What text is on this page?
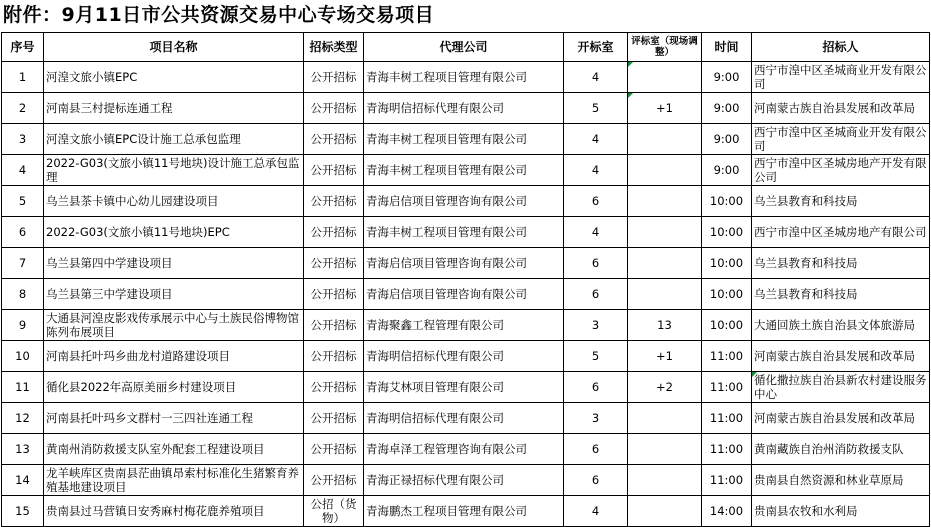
附件：9月11日市公共资源交易中心专场交易项目
序号	项目名称	招标类型	代理公司	开标室	评标室（现场调整）	时间	招标人
1	河湟文旅小镇EPC	公开招标	青海丰树工程项目管理有限公司	4		9:00	西宁市湟中区圣城商业开发有限公司
2	河南县三村提标连通工程	公开招标	青海明信招标代理有限公司	5	+1	9:00	河南蒙古族自治县发展和改革局
3	河湟文旅小镇EPC设计施工总承包监理	公开招标	青海丰树工程项目管理有限公司	4		9:00	西宁市湟中区圣城商业开发有限公司
4	2022-G03(文旅小镇11号地块)设计施工总承包监理	公开招标	青海丰树工程项目管理有限公司	4		9:00	西宁市湟中区圣城房地产开发有限公司
5	乌兰县茶卡镇中心幼儿园建设项目	公开招标	青海启信项目管理咨询有限公司	6		10:00	乌兰县教育和科技局
6	2022-G03(文旅小镇11号地块)EPC	公开招标	青海丰树工程项目管理有限公司	4		10:00	西宁市湟中区圣城房地产有限公司
7	乌兰县第四中学建设项目	公开招标	青海启信项目管理咨询有限公司	6		10:00	乌兰县教育和科技局
8	乌兰县第三中学建设项目	公开招标	青海启信项目管理咨询有限公司	6		10:00	乌兰县教育和科技局
9	大通县河湟皮影戏传承展示中心与土族民俗博物馆陈列布展项目	公开招标	青海聚鑫工程管理有限公司	3	13	10:00	大通回族土族自治县文体旅游局
10	河南县托叶玛乡曲龙村道路建设项目	公开招标	青海明信招标代理有限公司	5	+1	11:00	河南蒙古族自治县发展和改革局
11	循化县2022年高原美丽乡村建设项目	公开招标	青海艾林项目管理有限公司	6	+2	11:00	循化撒拉族自治县新农村建设服务中心
12	河南县托叶玛乡文群村一三四社连通工程	公开招标	青海明信招标代理有限公司	3		11:00	河南蒙古族自治县发展和改革局
13	黄南州消防救援支队室外配套工程建设项目	公开招标	青海卓泽工程管理咨询有限公司	6		11:00	黄南藏族自治州消防救援支队
14	龙羊峡库区贵南县茫曲镇昂索村标准化生猪繁育养殖基地建设项目	公开招标	青海正禄招标代理有限公司	6		11:00	贵南县自然资源和林业草原局
15	贵南县过马营镇日安秀麻村梅花鹿养殖项目	公招（货物）	青海鹏杰工程项目管理有限公司	4		14:00	贵南县农牧和水利局
